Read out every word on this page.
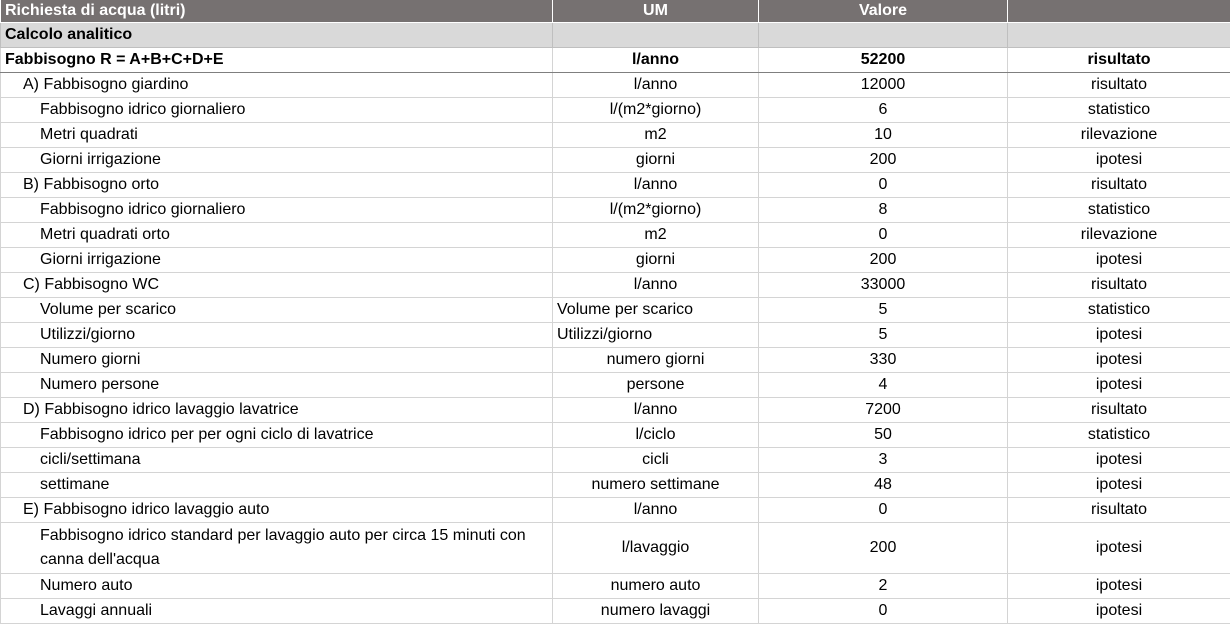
Richiesta di acqua (litri)	UM	Valore	
Calcolo analitico			
Fabbisogno R = A+B+C+D+E	l/anno	52200	risultato
A) Fabbisogno giardino	l/anno	12000	risultato
Fabbisogno idrico giornaliero	l/(m2*giorno)	6	statistico
Metri quadrati	m2	10	rilevazione
Giorni irrigazione	giorni	200	ipotesi
B) Fabbisogno orto	l/anno	0	risultato
Fabbisogno idrico giornaliero	l/(m2*giorno)	8	statistico
Metri quadrati orto	m2	0	rilevazione
Giorni irrigazione	giorni	200	ipotesi
C) Fabbisogno WC	l/anno	33000	risultato
Volume per scarico	Volume per scarico	5	statistico
Utilizzi/giorno	Utilizzi/giorno	5	ipotesi
Numero giorni	numero giorni	330	ipotesi
Numero persone	persone	4	ipotesi
D) Fabbisogno idrico lavaggio lavatrice	l/anno	7200	risultato
Fabbisogno idrico per per ogni ciclo di lavatrice	l/ciclo	50	statistico
cicli/settimana	cicli	3	ipotesi
settimane	numero settimane	48	ipotesi
E) Fabbisogno idrico lavaggio auto	l/anno	0	risultato
Fabbisogno idrico standard per lavaggio auto per circa 15 minuti con canna dell'acqua	l/lavaggio	200	ipotesi
Numero auto	numero auto	2	ipotesi
Lavaggi annuali	numero lavaggi	0	ipotesi
